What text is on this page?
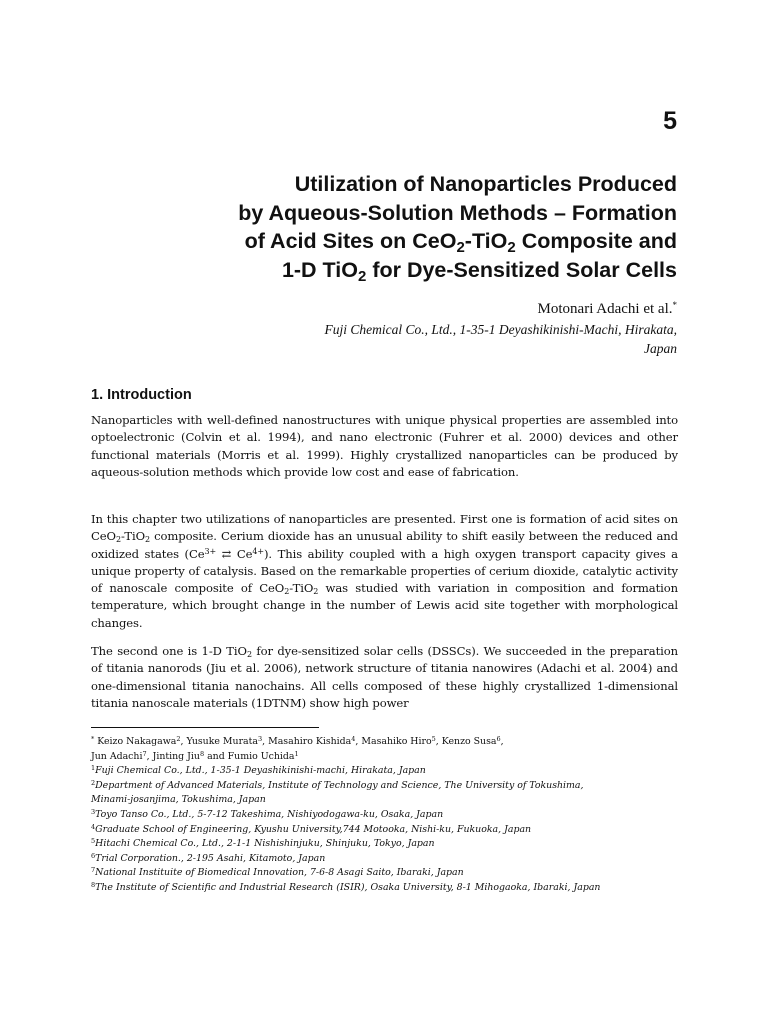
5
Utilization of Nanoparticles Produced
by Aqueous-Solution Methods – Formation
of Acid Sites on CeO$_2$-TiO$_2$ Composite and
1-D TiO$_2$ for Dye-Sensitized Solar Cells
Motonari Adachi et al.*
Fuji Chemical Co., Ltd., 1-35-1 Deyashikinishi-Machi, Hirakata,
Japan
1. Introduction

Nanoparticles with well-defined nanostructures with unique physical properties are assembled into optoelectronic (Colvin et al. 1994), and nano electronic (Fuhrer et al. 2000) devices and other functional materials (Morris et al. 1999). Highly crystallized nanoparticles can be produced by aqueous-solution methods which provide low cost and ease of fabrication.

In this chapter two utilizations of nanoparticles are presented. First one is formation of acid sites on CeO$_2$-TiO$_2$ composite. Cerium dioxide has an unusual ability to shift easily between the reduced and oxidized states ($Ce^{3+}$ ⇄ $Ce^{4+}$). This ability coupled with a high oxygen transport capacity gives a unique property of catalysis. Based on the remarkable properties of cerium dioxide, catalytic activity of nanoscale composite of CeO$_2$-TiO$_2$ was studied with variation in composition and formation temperature, which brought change in the number of Lewis acid site together with morphological changes.

The second one is 1-D TiO$_2$ for dye-sensitized solar cells (DSSCs). We succeeded in the preparation of titania nanorods (Jiu et al. 2006), network structure of titania nanowires (Adachi et al. 2004) and one-dimensional titania nanochains. All cells composed of these highly crystallized 1-dimensional titania nanoscale materials (1DTNM) show high power

* Keizo Nakagawa$^2$, Yusuke Murata$^3$, Masahiro Kishida$^4$, Masahiko Hiro$^5$, Kenzo Susa$^6$,
Jun Adachi$^7$, Jinting Jiu$^8$ and Fumio Uchida$^1$
$^1$Fuji Chemical Co., Ltd., 1-35-1 Deyashikinishi-machi, Hirakata, Japan
$^2$Department of Advanced Materials, Institute of Technology and Science, The University of Tokushima,
Minami-josanjima, Tokushima, Japan
$^3$Toyo Tanso Co., Ltd., 5-7-12 Takeshima, Nishiyodogawa-ku, Osaka, Japan
$^4$Graduate School of Engineering, Kyushu University,744 Motooka, Nishi-ku, Fukuoka, Japan
$^5$Hitachi Chemical Co., Ltd., 2-1-1 Nishishinjuku, Shinjuku, Tokyo, Japan
$^6$Trial Corporation., 2-195 Asahi, Kitamoto, Japan
$^7$National Instituite of Biomedical Innovation, 7-6-8 Asagi Saito, Ibaraki, Japan
$^8$The Institute of Scientific and Industrial Research (ISIR), Osaka University, 8-1 Mihogaoka, Ibaraki, Japan
